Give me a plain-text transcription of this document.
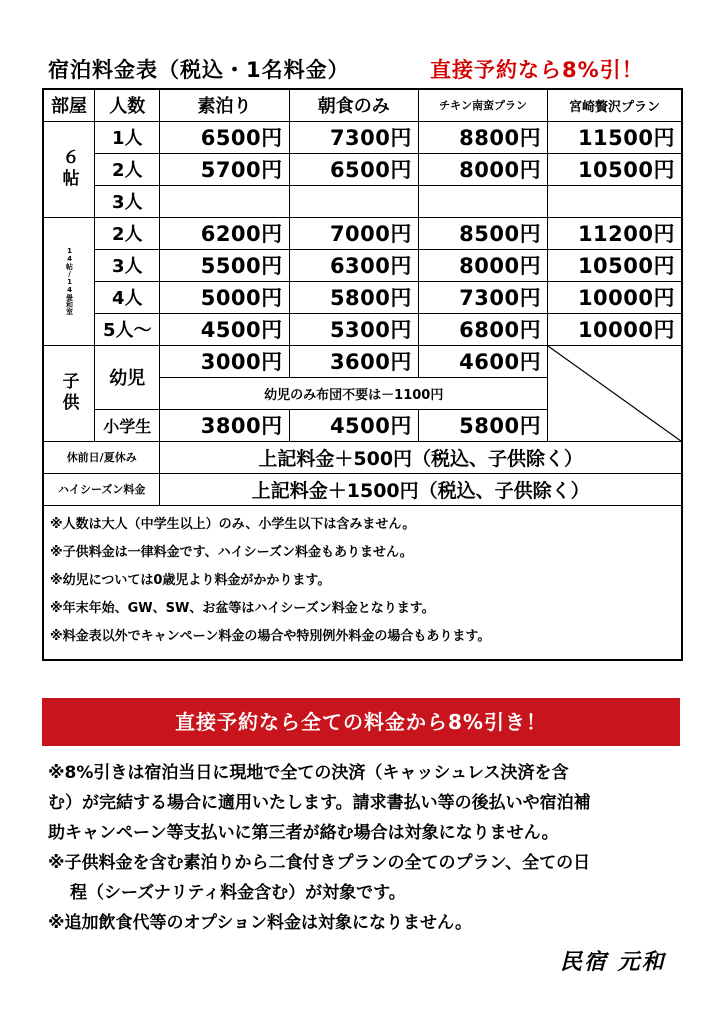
宿泊料金表（税込・1名料金）	直接予約なら8%引！
部屋	人数	素泊り	朝食のみ	チキン南蛮プラン	宮崎贅沢プラン

６帖	1人	6500円	7300円	8800円	11500円
	2人	5700円	6500円	8000円	10500円
	3人				

14帖/14畳和室	2人	6200円	7000円	8500円	11200円
	3人	5500円	6300円	8000円	10500円
	4人	5000円	5800円	7300円	10000円
	5人～	4500円	5300円	6800円	10000円

子供	幼児	3000円	3600円	4600円	

		幼児のみ布団不要は－1100円			
	小学生	3800円	4500円	5800円	
休前日/夏休み		上記料金＋500円（税込、子供除く）			
ハイシーズン料金		上記料金＋1500円（税込、子供除く）			

※人数は大人（中学生以上）のみ、小学生以下は含みません。
※子供料金は一律料金です、ハイシーズン料金もありません。
※幼児については0歳児より料金がかかります。
※年末年始、GW、SW、お盆等はハイシーズン料金となります。
※料金表以外でキャンペーン料金の場合や特別例外料金の場合もあります。					
直接予約なら全ての料金から8%引き！

※8%引きは宿泊当日に現地で全ての決済（キャッシュレス決済を含

む）が完結する場合に適用いたします。請求書払い等の後払いや宿泊補

助キャンペーン等支払いに第三者が絡む場合は対象になりません。

※子供料金を含む素泊りから二食付きプランの全てのプラン、全ての日

程（シーズナリティ料金含む）が対象です。

※追加飲食代等のオプション料金は対象になりません。

民宿 元和
